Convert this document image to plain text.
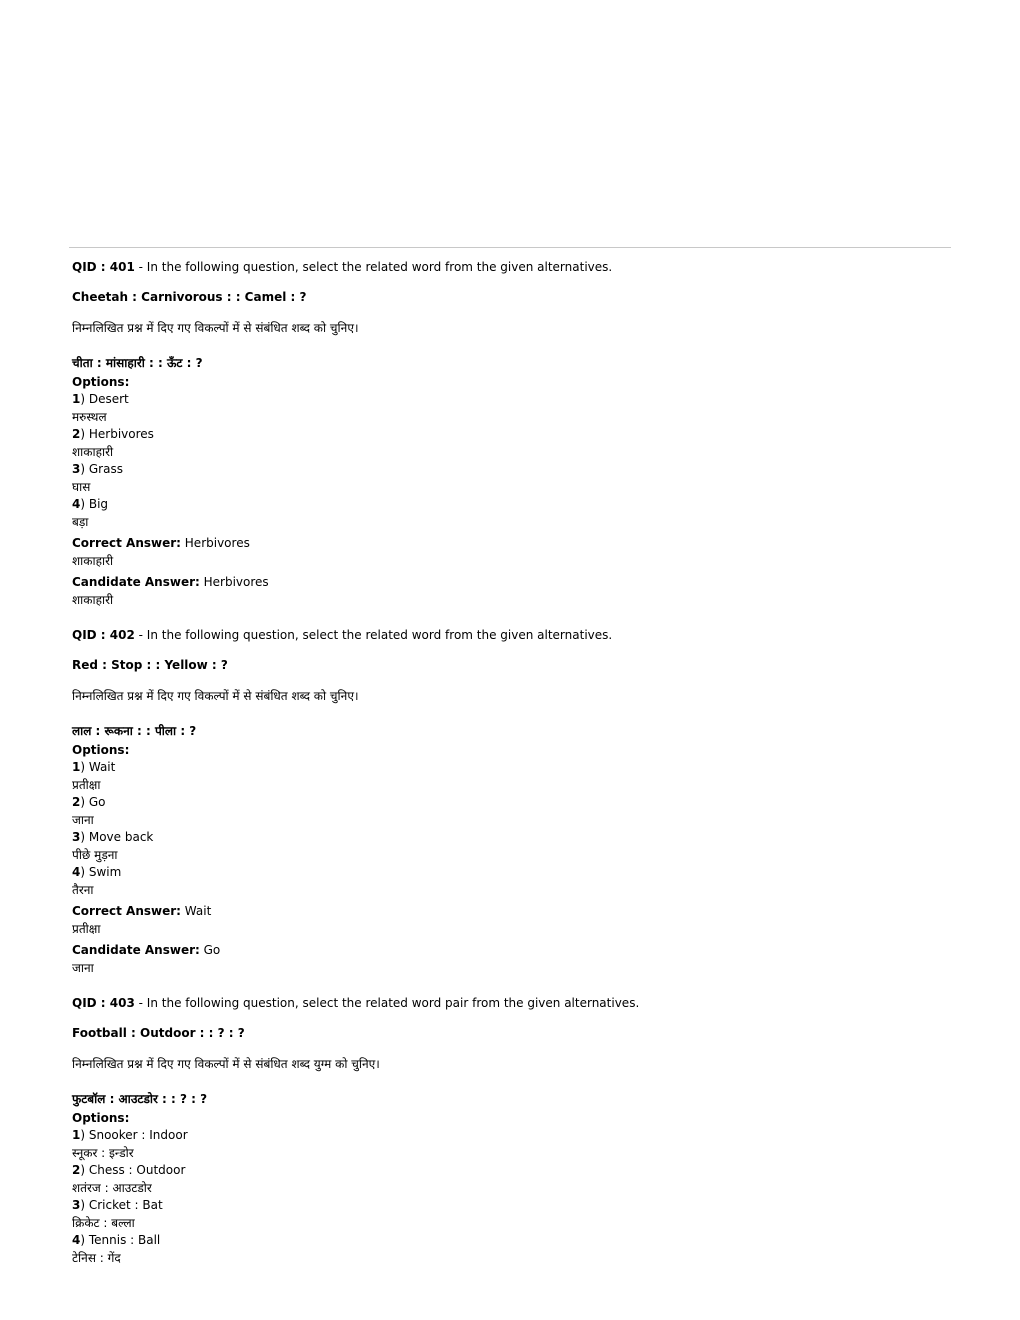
QID : 401 - In the following question, select the related word from the given alternatives.
Cheetah : Carnivorous : : Camel : ?
निम्नलिखित प्रश्न में दिए गए विकल्पों में से संबंधित शब्द को चुनिए।
चीता : मांसाहारी : : ऊँट : ?
Options:
1) Desert
मरुस्थल
2) Herbivores
शाकाहारी
3) Grass
घास
4) Big
बड़ा
Correct Answer: Herbivores
शाकाहारी
Candidate Answer: Herbivores
शाकाहारी
QID : 402 - In the following question, select the related word from the given alternatives.
Red : Stop : : Yellow : ?
निम्नलिखित प्रश्न में दिए गए विकल्पों में से संबंधित शब्द को चुनिए।
लाल : रूकना : : पीला : ?
Options:
1) Wait
प्रतीक्षा
2) Go
जाना
3) Move back
पीछे मुड़ना
4) Swim
तैरना
Correct Answer: Wait
प्रतीक्षा
Candidate Answer: Go
जाना
QID : 403 - In the following question, select the related word pair from the given alternatives.
Football : Outdoor : : ? : ?
निम्नलिखित प्रश्न में दिए गए विकल्पों में से संबंधित शब्द युग्म को चुनिए।
फुटबॉल : आउटडोर : : ? : ?
Options:
1) Snooker : Indoor
स्नूकर : इन्डोर
2) Chess : Outdoor
शतंरज : आउटडोर
3) Cricket : Bat
क्रिकेट : बल्ला
4) Tennis : Ball
टेनिस : गेंद
